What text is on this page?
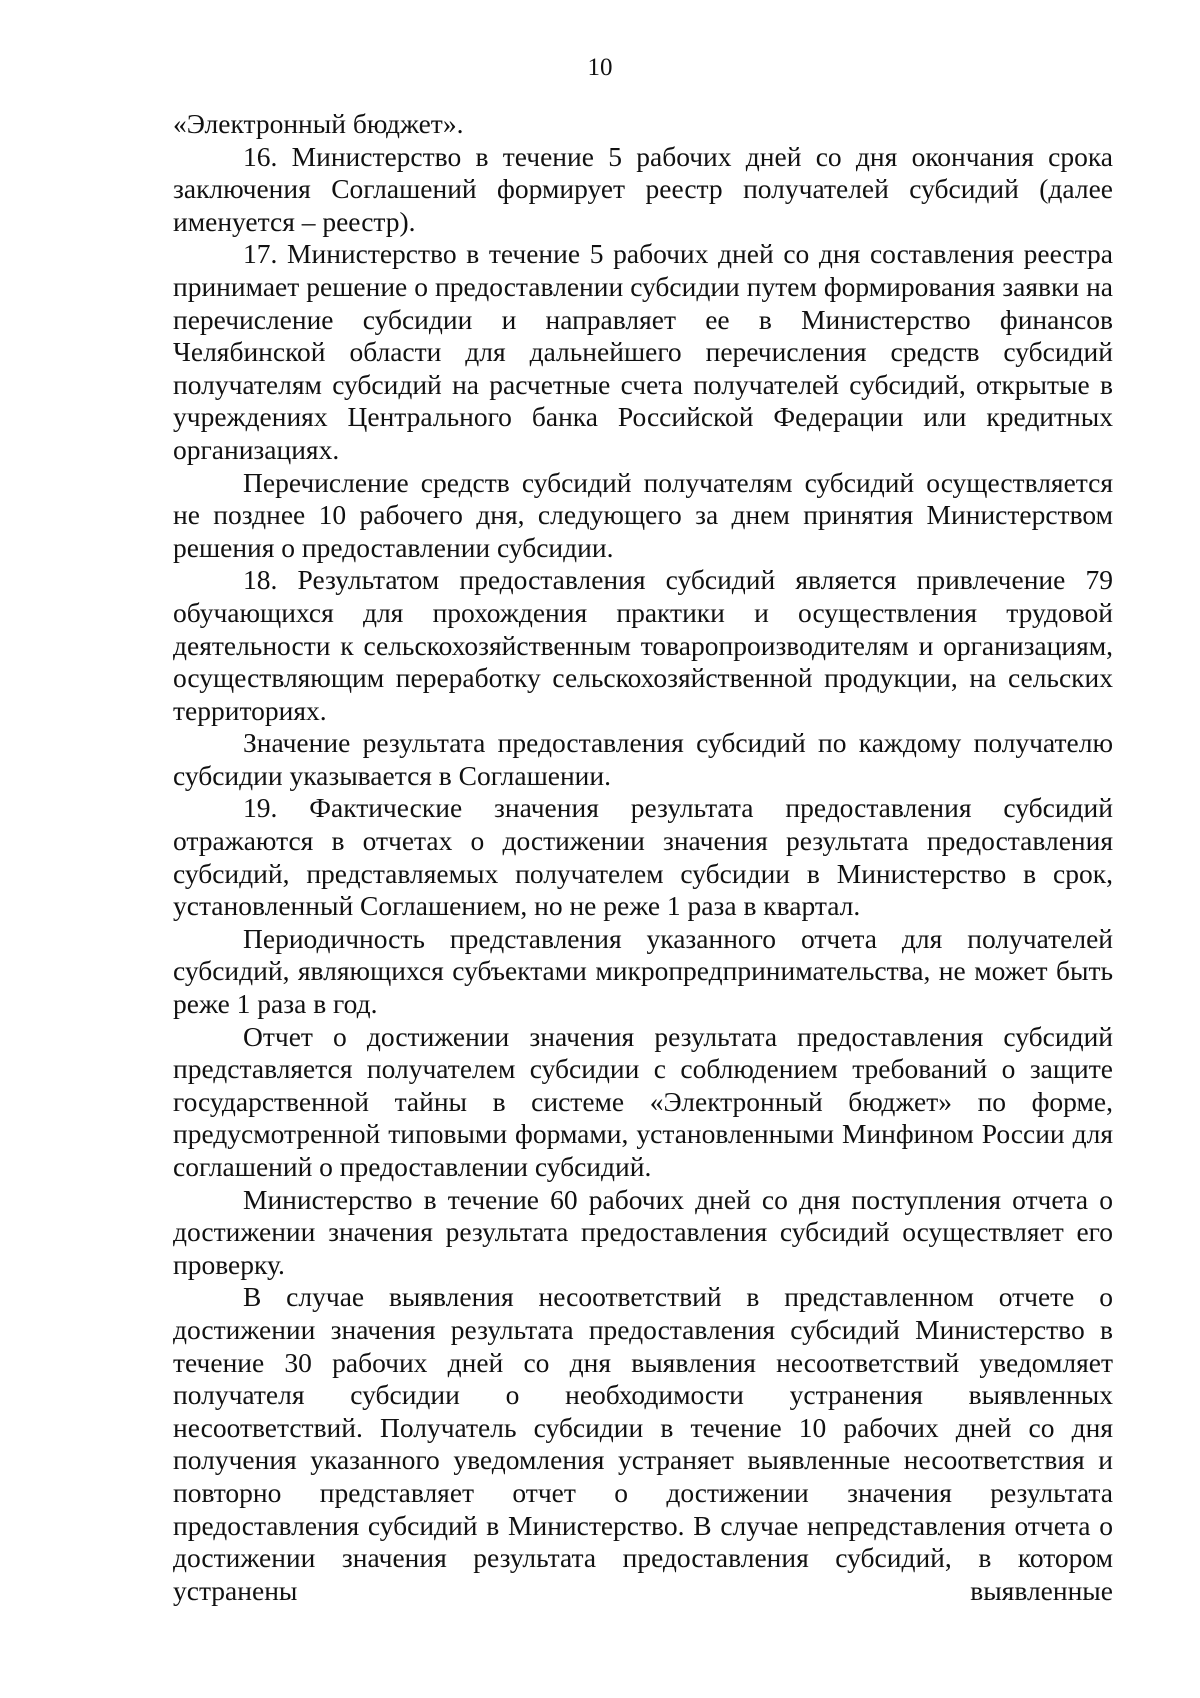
10

«Электронный бюджет».

16. Министерство в течение 5 рабочих дней со дня окончания срока заключения Соглашений формирует реестр получателей субсидий (далее именуется – реестр).

17. Министерство в течение 5 рабочих дней со дня составления реестра принимает решение о предоставлении субсидии путем формирования заявки на перечисление субсидии и направляет ее в Министерство финансов Челябинской области для дальнейшего перечисления средств субсидий получателям субсидий на расчетные счета получателей субсидий, открытые в учреждениях Центрального банка Российской Федерации или кредитных организациях.

Перечисление средств субсидий получателям субсидий осуществляется не позднее 10 рабочего дня, следующего за днем принятия Министерством решения о предоставлении субсидии.

18. Результатом предоставления субсидий является привлечение 79 обучающихся для прохождения практики и осуществления трудовой деятельности к сельскохозяйственным товаропроизводителям и организациям, осуществляющим переработку сельскохозяйственной продукции, на сельских территориях.

Значение результата предоставления субсидий по каждому получателю субсидии указывается в Соглашении.

19. Фактические значения результата предоставления субсидий отражаются в отчетах о достижении значения результата предоставления субсидий, представляемых получателем субсидии в Министерство в срок, установленный Соглашением, но не реже 1 раза в квартал.

Периодичность представления указанного отчета для получателей субсидий, являющихся субъектами микропредпринимательства, не может быть реже 1 раза в год.

Отчет о достижении значения результата предоставления субсидий представляется получателем субсидии с соблюдением требований о защите государственной тайны в системе «Электронный бюджет» по форме, предусмотренной типовыми формами, установленными Минфином России для соглашений о предоставлении субсидий.

Министерство в течение 60 рабочих дней со дня поступления отчета о достижении значения результата предоставления субсидий осуществляет его проверку.

В случае выявления несоответствий в представленном отчете о достижении значения результата предоставления субсидий Министерство в течение 30 рабочих дней со дня выявления несоответствий уведомляет получателя субсидии о необходимости устранения выявленных несоответствий. Получатель субсидии в течение 10 рабочих дней со дня получения указанного уведомления устраняет выявленные несоответствия и повторно представляет отчет о достижении значения результата предоставления субсидий в Министерство. В случае непредставления отчета о достижении значения результата предоставления субсидий, в котором устранены выявленные
